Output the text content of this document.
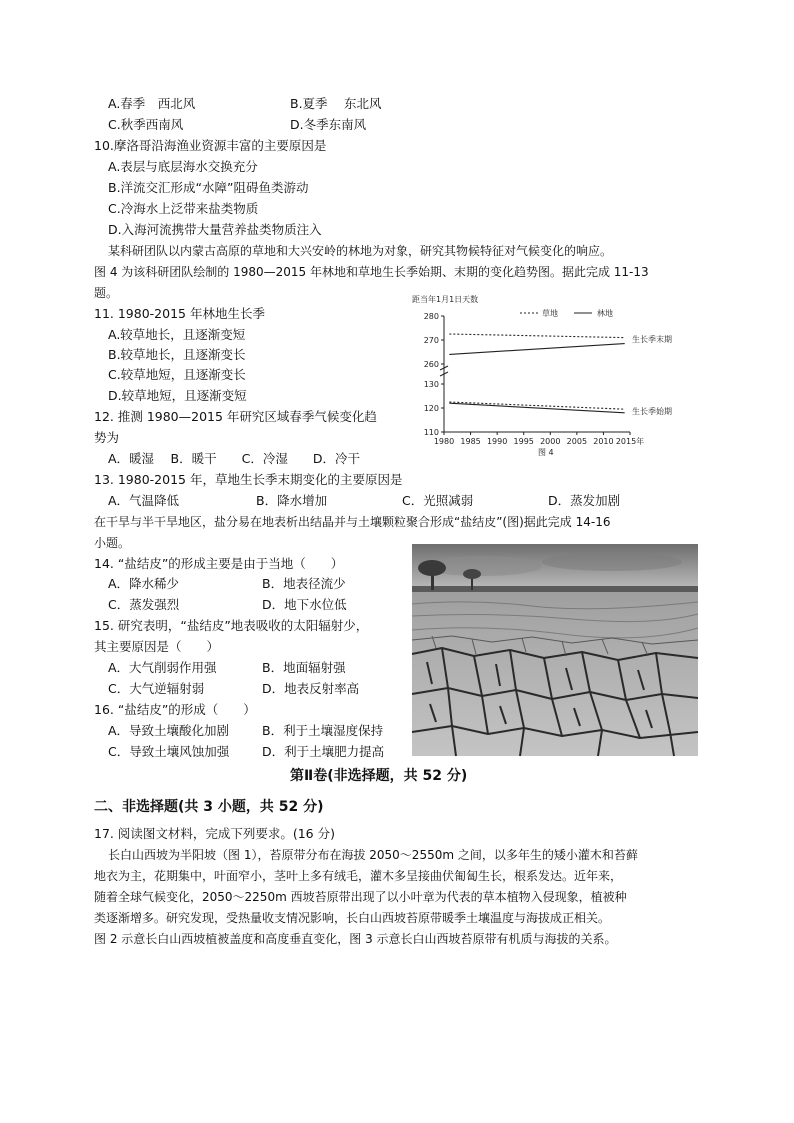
A.春季　西北风	B.夏季　 东北风
C.秋季西南风	D.冬季东南风
10.摩洛哥沿海渔业资源丰富的主要原因是
A.表层与底层海水交换充分
B.洋流交汇形成“水障”阻碍鱼类游动
C.冷海水上泛带来盐类物质
D.入海河流携带大量营养盐类物质注入
某科研团队以内蒙古高原的草地和大兴安岭的林地为对象，研究其物候特征对气候变化的响应。
图 4 为该科研团队绘制的 1980—2015 年林地和草地生长季始期、末期的变化趋势图。据此完成 11-13
题。
11. 1980-2015 年林地生长季
A.较草地长，且逐渐变短
B.较草地长，且逐渐变长
C.较草地短，且逐渐变长
D.较草地短，且逐渐变短
12. 推测 1980—2015 年研究区域春季气候变化趋
势为
A．暖湿　 B．暖干　　C．冷湿　　D．冷干
13. 1980-2015 年，草地生长季末期变化的主要原因是
A．气温降低	B．降水增加	C．光照减弱	D．蒸发加剧
在干旱与半干旱地区，盐分易在地表析出结晶并与土壤颗粒聚合形成“盐结皮”(图)据此完成 14-16
小题。
14. “盐结皮”的形成主要是由于当地（　　）
A．降水稀少	B．地表径流少
C．蒸发强烈	D．地下水位低
15. 研究表明，“盐结皮”地表吸收的太阳辐射少，
其主要原因是（　　）
A．大气削弱作用强	B．地面辐射强
C．大气逆辐射弱	D．地表反射率高
16. “盐结皮”的形成（　　）
A．导致土壤酸化加剧	B．利于土壤湿度保持
C．导致土壤风蚀加强	D．利于土壤肥力提高
第Ⅱ卷(非选择题，共 52 分)
二、非选择题(共 3 小题，共 52 分)
17. 阅读图文材料，完成下列要求。(16 分)
长白山西坡为半阳坡（图 1），苔原带分布在海拔 2050～2550m 之间，以多年生的矮小灌木和苔藓
地衣为主，花期集中，叶面窄小，茎叶上多有绒毛，灌木多呈接曲伏匍匐生长，根系发达。近年来，
随着全球气候变化，2050～2250m 西坡苔原带出现了以小叶章为代表的草本植物入侵现象，植被种
类逐渐增多。研究发现，受热量收支情况影响，长白山西坡苔原带暖季土壤温度与海拔成正相关。
图 2 示意长白山西坡植被盖度和高度垂直变化，图 3 示意长白山西坡苔原带有机质与海拔的关系。
距当年1月1日天数
草地	林地
110
120
130
260
270
280
1980 1985 1990 1995 2000 2005 2010 2015年
生长季末期
生长季始期
图 4
盐结皮
